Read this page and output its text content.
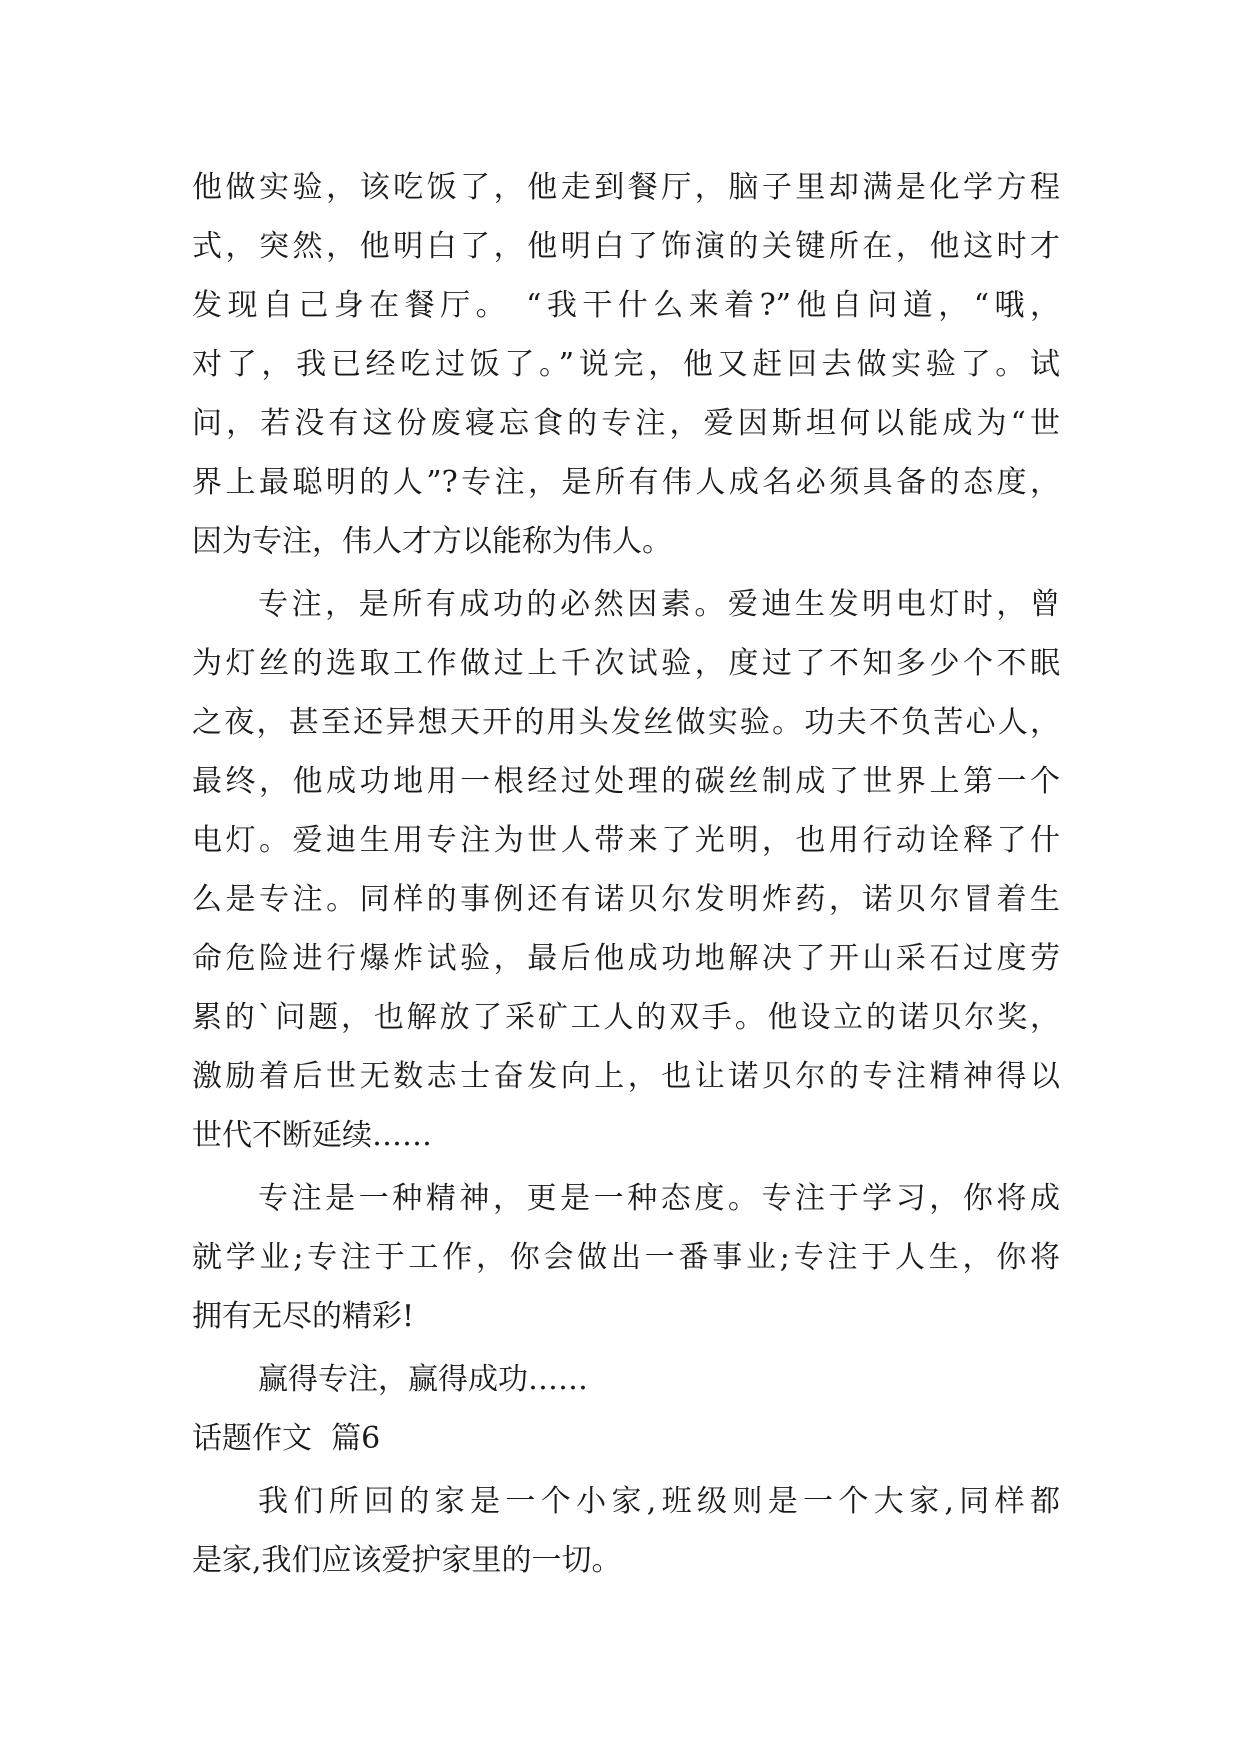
他做实验，该吃饭了，他走到餐厅，脑子里却满是化学方程
式，突然，他明白了，他明白了饰演的关键所在，他这时才
发现自己身在餐厅。 “我干什么来着?”他自问道，“哦，
对了，我已经吃过饭了。”说完，他又赶回去做实验了。试
问，若没有这份废寝忘食的专注，爱因斯坦何以能成为“世
界上最聪明的人”?专注，是所有伟人成名必须具备的态度，
因为专注，伟人才方以能称为伟人。
专注，是所有成功的必然因素。爱迪生发明电灯时，曾
为灯丝的选取工作做过上千次试验，度过了不知多少个不眠
之夜，甚至还异想天开的用头发丝做实验。功夫不负苦心人，
最终，他成功地用一根经过处理的碳丝制成了世界上第一个
电灯。爱迪生用专注为世人带来了光明，也用行动诠释了什
么是专注。同样的事例还有诺贝尔发明炸药，诺贝尔冒着生
命危险进行爆炸试验，最后他成功地解决了开山采石过度劳
累的`问题，也解放了采矿工人的双手。他设立的诺贝尔奖，
激励着后世无数志士奋发向上，也让诺贝尔的专注精神得以
世代不断延续……
专注是一种精神，更是一种态度。专注于学习，你将成
就学业;专注于工作，你会做出一番事业;专注于人生，你将
拥有无尽的精彩!
赢得专注，赢得成功……
话题作文  篇6
我们所回的家是一个小家,班级则是一个大家,同样都
是家,我们应该爱护家里的一切。
